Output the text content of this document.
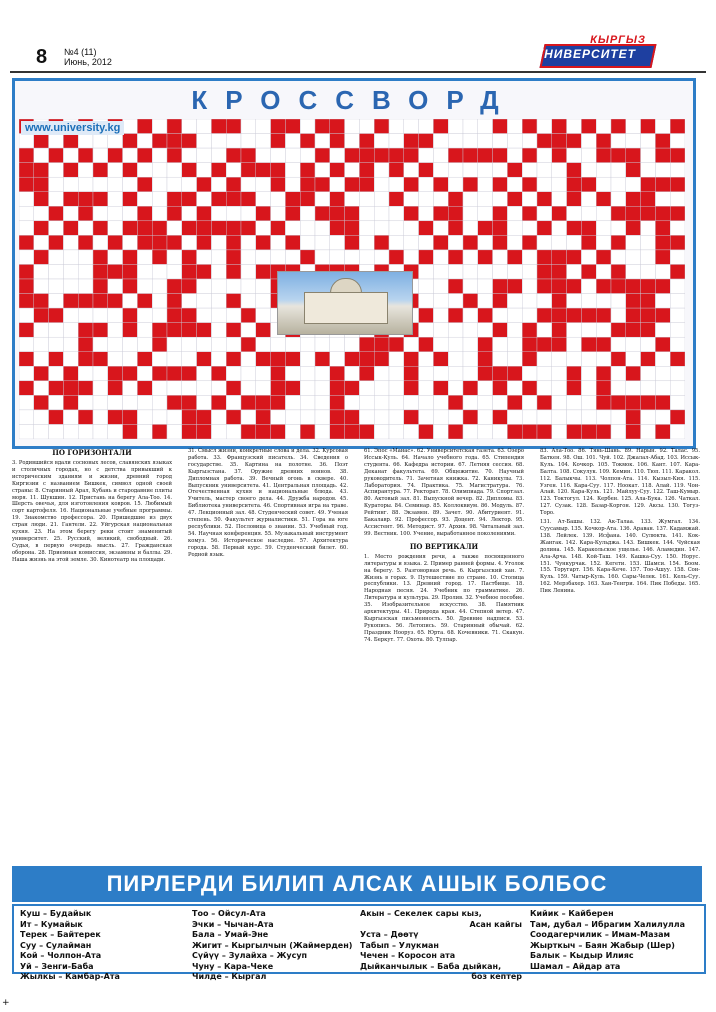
8 №4 (11)
Июнь, 2012
КЫРГЫЗ
УНИВЕРСИТЕТ
КРОССВОРД
www.university.kg
ПО ГОРИЗОНТАЛИ
3. Родившийся вдали сосновых лесов, славянских языках и столичных городах, но с детства привыкший к историческим зданиям и жизни, древний город Киргизии с названием Бишкек, символ одной своей страны: 8. Старинный Арал, Кубань и стародавние плиты моря. 11. Шукшин. 12. Пристань на берегу Ала-Тоо. 14. Шерсть овечья, для изготовления ковров. 15. Любимый сорт картофеля. 16. Национальные учебные программы. 19. Знакомство профессора. 20. Пришедшие из двух стран люди. 21. Гантели. 22. Уйгурская национальная кухня. 23. На этом берегу реки стоит знаменитый университет. 25. Русский, великий, свободный. 26. Судья, в первую очередь мысль. 27. Гражданская оборона. 28. Приемная комиссия, экзамены и баллы. 29. Наша жизнь на этой земле. 30. Кинотеатр на площади.
31. Смысл жизни, конкретные слова и дела. 32. Курсовая работа. 33. Французский писатель. 34. Сведения о государстве. 35. Картина на полотне. 36. Поэт Кыргызстана. 37. Оружие древних воинов. 38. Дипломная работа. 39. Вечный огонь в сквере. 40. Выпускник университета. 41. Центральная площадь. 42. Отечественная кухня и национальные блюда. 43. Учитель, мастер своего дела. 44. Дружба народов. 45. Библиотека университета. 46. Спортивная игра на траве. 47. Лекционный зал. 48. Студенческий совет. 49. Ученая степень. 50. Факультет журналистики. 51. Гора на юге республики. 52. Пословица о знании. 53. Учебный год. 54. Научная конференция. 55. Музыкальный инструмент комуз. 56. Историческое наследие. 57. Архитектура города. 58. Первый курс. 59. Студенческий билет. 60. Родной язык.
61. Эпос «Манас». 62. Университетская газета. 63. Озеро Иссык-Куль. 64. Начало учебного года. 65. Стипендия студента. 66. Кафедра истории. 67. Летняя сессия. 68. Деканат факультета. 69. Общежитие. 70. Научный руководитель. 71. Зачетная книжка. 72. Каникулы. 73. Лаборатория. 74. Практика. 75. Магистратура. 76. Аспирантура. 77. Ректорат. 78. Олимпиада. 79. Спортзал. 80. Актовый зал. 81. Выпускной вечер. 82. Дипломы. 83. Кураторы. 84. Семинар. 85. Коллоквиум. 86. Модуль. 87. Рейтинг. 88. Экзамен. 89. Зачет. 90. Абитуриент. 91. Бакалавр. 92. Профессор. 93. Доцент. 94. Лектор. 95. Ассистент. 96. Методист. 97. Архив. 98. Читальный зал. 99. Вестник. 100. Учение, выработанное поколениями.
ПО ВЕРТИКАЛИ
1. Место рождения речи, а также посвященного литературы и языка. 2. Пример ранней формы. 4. Уголок на берегу. 5. Разговорная речь. 6. Кыргызский хан. 7. Жизнь в горах. 9. Путешествие по стране. 10. Столица республики. 13. Древний город. 17. Пастбище. 18. Народная песня. 24. Учебник по грамматике. 26. Литература и культура. 29. Пролив. 32. Учебное пособие. 35. Изобразительное искусство. 38. Памятник архитектуры. 41. Природа края. 44. Степной ветер. 47. Кыргызская письменность. 50. Древние надписи. 53. Рукопись. 56. Летопись. 59. Старинный обычай. 62. Праздник Нооруз. 65. Юрта. 68. Кочевники. 71. Скакун. 74. Беркут. 77. Охота. 80. Тулпар.
83. Ала-Тоо. 86. Тянь-Шань. 89. Нарын. 92. Талас. 95. Баткен. 98. Ош. 101. Чуй. 102. Джалал-Абад. 103. Иссык-Куль. 104. Кочкор. 105. Токмок. 106. Кант. 107. Кара-Балта. 108. Сокулук. 109. Кемин. 110. Тюп. 111. Каракол. 112. Балыкчы. 113. Чолпон-Ата. 114. Кызыл-Кия. 115. Узген. 116. Кара-Суу. 117. Ноокат. 118. Алай. 119. Чон-Алай. 120. Кара-Куль. 121. Майлуу-Суу. 122. Таш-Кумыр. 123. Токтогул. 124. Кербен. 125. Ала-Бука. 126. Чаткал. 127. Сузак. 128. Базар-Коргон. 129. Аксы. 130. Тогуз-Торо.
131. Ат-Башы. 132. Ак-Талаа. 133. Жумгал. 134. Суусамыр. 135. Кочкор-Ата. 136. Араван. 137. Кадамжай. 138. Лейлек. 139. Исфана. 140. Сулюкта. 141. Кок-Жангак. 142. Кара-Кульджа. 143. Бишкек. 144. Чуйская долина. 145. Каракольское ущелье. 146. Аламедин. 147. Ала-Арча. 148. Кой-Таш. 149. Кашка-Суу. 150. Норус. 151. Чункурчак. 152. Кегети. 153. Шамси. 154. Боом. 155. Торугарт. 156. Кара-Кече. 157. Тоо-Ашуу. 158. Сон-Куль. 159. Чатыр-Куль. 160. Сары-Челек. 161. Кель-Суу. 162. Мерзбахер. 163. Хан-Тенгри. 164. Пик Победы. 165. Пик Ленина.
ПИРЛЕРДИ БИЛИП АЛСАК АШЫК БОЛБОС
Куш – Будайык
Ит – Кумайык
Терек – Байтерек
Суу – Сулайман
Кой – Чолпон-Ата
Уй – Зенги-Баба
Жылкы – Камбар-Ата
Тоо – Ойсул-Ата
Эчки – Чычан-Ата
Бала – Умай-Эне
Жигит – Кыргылчын (Жаймерден)
Сүйүү – Зулайха – Жусуп
Чуну – Кара-Чеке
Чилде – Кыргал
Акын – Секелек сары кыз,
Асан кайгы
Уста – Дөөтү
Табып – Улукман
Чечен – Коросон ата
Дыйканчылык – Баба дыйкан,
боз кептер
Кийик – Кайберен
Там, дубал – Ибрагим Халилулла
Соодагерчилик – Имам-Мазам
Жырткыч – Баян Жабыр (Шер)
Балык – Кыдыр Илияс
Шамал – Айдар ата
+
